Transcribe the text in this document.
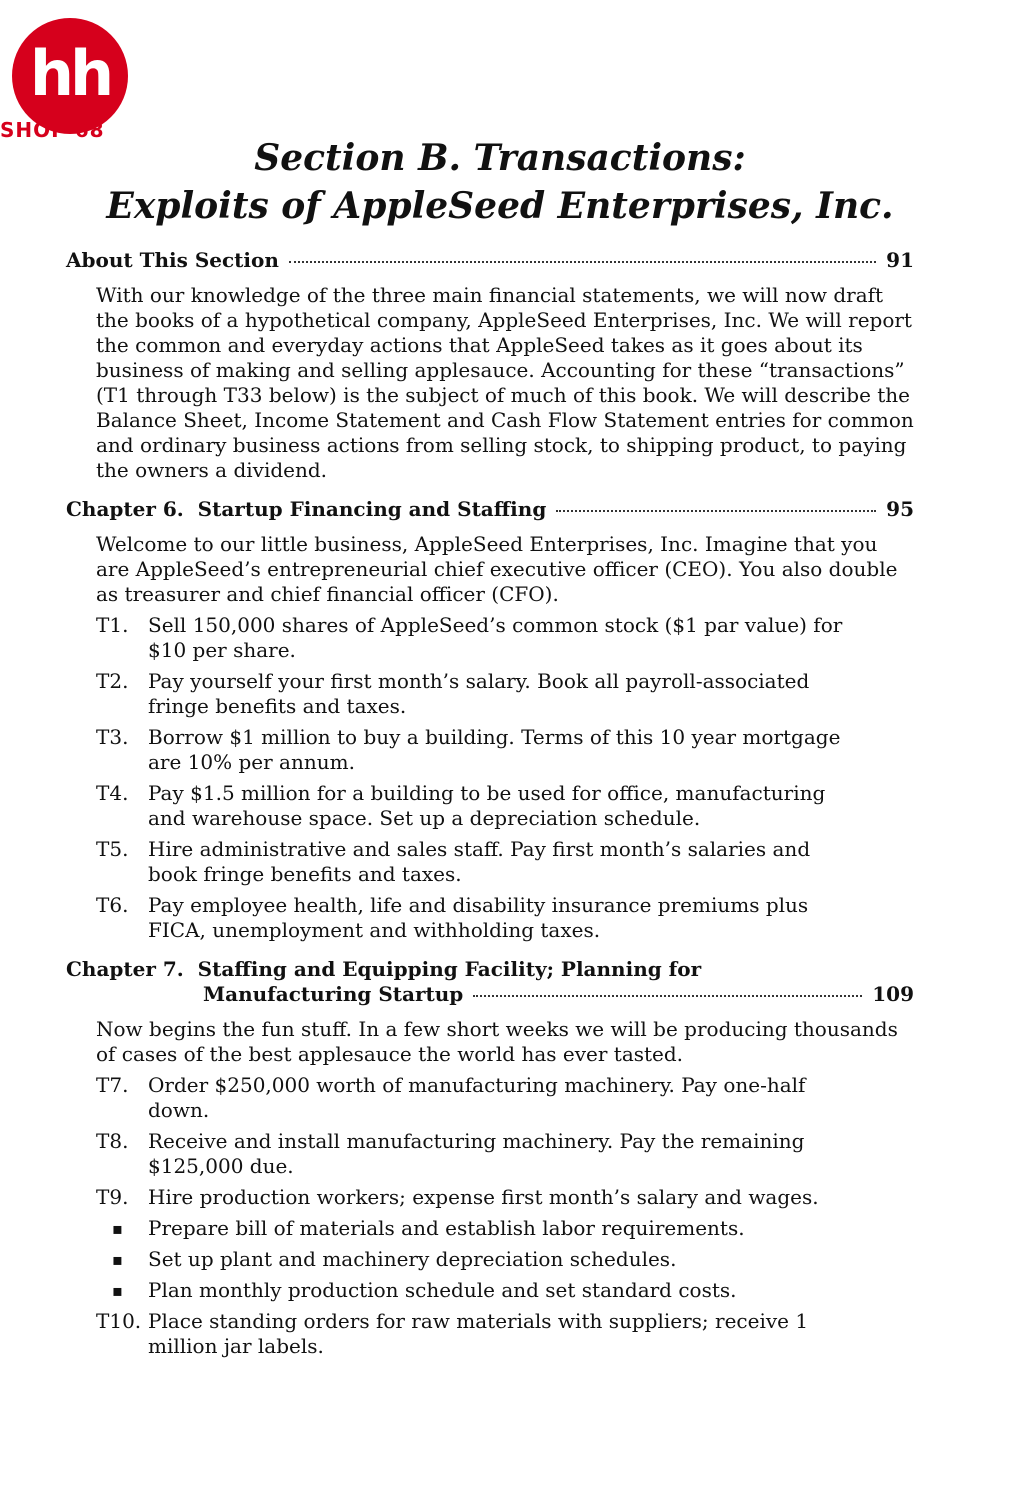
hh
SHOP 68
Section B. Transactions:
Exploits of AppleSeed Enterprises, Inc.
About This Section	91
With our knowledge of the three main financial statements, we will now draft the books of a hypothetical company, AppleSeed Enterprises, Inc. We will report the common and everyday actions that AppleSeed takes as it goes about its business of making and selling applesauce. Accounting for these “transactions” (T1 through T33 below) is the subject of much of this book. We will describe the Balance Sheet, Income Statement and Cash Flow Statement entries for common and ordinary business actions from selling stock, to shipping product, to paying the owners a dividend.
Chapter 6.  Startup Financing and Staffing	95
Welcome to our little business, AppleSeed Enterprises, Inc. Imagine that you are AppleSeed’s entrepreneurial chief executive officer (CEO). You also double as treasurer and chief financial officer (CFO).
T1. Sell 150,000 shares of AppleSeed’s common stock ($1 par value) for $10 per share.
T2. Pay yourself your first month’s salary. Book all payroll-associated fringe benefits and taxes.
T3. Borrow $1 million to buy a building. Terms of this 10 year mortgage are 10% per annum.
T4. Pay $1.5 million for a building to be used for office, manufacturing and warehouse space. Set up a depreciation schedule.
T5. Hire administrative and sales staff. Pay first month’s salaries and book fringe benefits and taxes.
T6. Pay employee health, life and disability insurance premiums plus FICA, unemployment and withholding taxes.
Chapter 7.  Staffing and Equipping Facility; Planning for
Manufacturing Startup	109
Now begins the fun stuff. In a few short weeks we will be producing thousands of cases of the best applesauce the world has ever tasted.
T7. Order $250,000 worth of manufacturing machinery. Pay one-half down.
T8. Receive and install manufacturing machinery. Pay the remaining $125,000 due.
T9. Hire production workers; expense first month’s salary and wages.
▪	Prepare bill of materials and establish labor requirements.
▪	Set up plant and machinery depreciation schedules.
▪	Plan monthly production schedule and set standard costs.
T10. Place standing orders for raw materials with suppliers; receive 1 million jar labels.
